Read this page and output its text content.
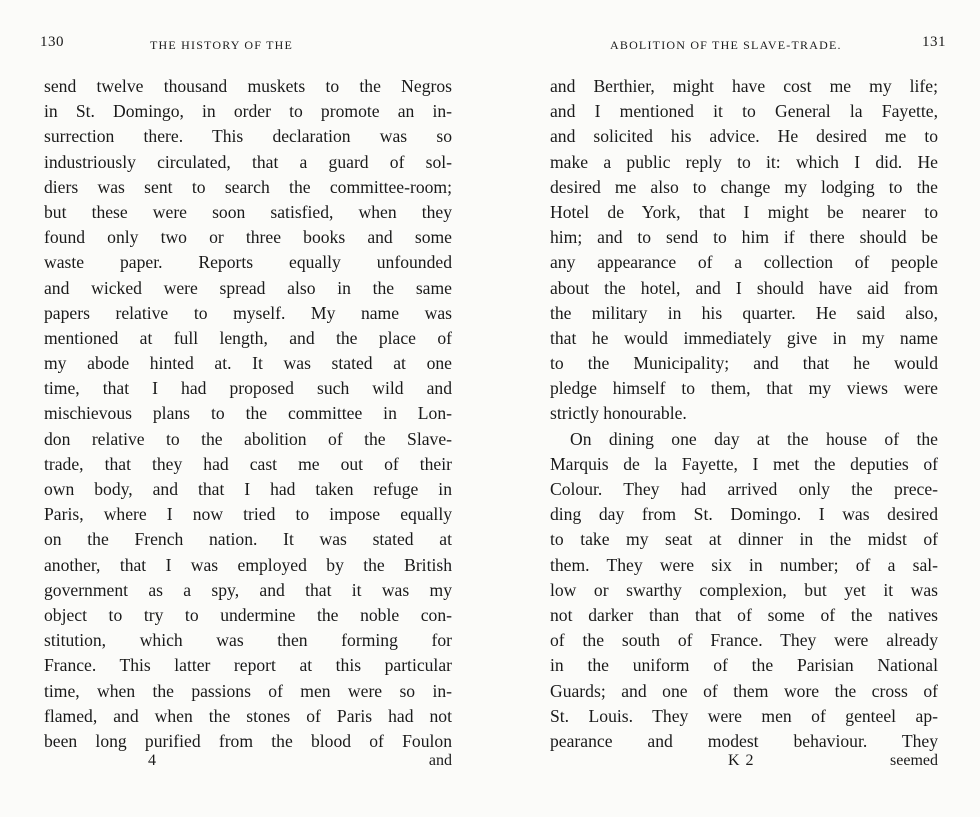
130	THE HISTORY OF THE
send twelve thousand muskets to the Negros
in St. Domingo, in order to promote an in-
surrection there. This declaration was so
industriously circulated, that a guard of sol-
diers was sent to search the committee-room;
but these were soon satisfied, when they
found only two or three books and some
waste paper. Reports equally unfounded
and wicked were spread also in the same
papers relative to myself. My name was
mentioned at full length, and the place of
my abode hinted at. It was stated at one
time, that I had proposed such wild and
mischievous plans to the committee in Lon-
don relative to the abolition of the Slave-
trade, that they had cast me out of their
own body, and that I had taken refuge in
Paris, where I now tried to impose equally
on the French nation. It was stated at
another, that I was employed by the British
government as a spy, and that it was my
object to try to undermine the noble con-
stitution, which was then forming for
France. This latter report at this particular
time, when the passions of men were so in-
flamed, and when the stones of Paris had not
been long purified from the blood of Foulon
4	and
ABOLITION OF THE SLAVE-TRADE.	131
and Berthier, might have cost me my life;
and I mentioned it to General la Fayette,
and solicited his advice. He desired me to
make a public reply to it: which I did. He
desired me also to change my lodging to the
Hotel de York, that I might be nearer to
him; and to send to him if there should be
any appearance of a collection of people
about the hotel, and I should have aid from
the military in his quarter. He said also,
that he would immediately give in my name
to the Municipality; and that he would
pledge himself to them, that my views were
strictly honourable.
On dining one day at the house of the
Marquis de la Fayette, I met the deputies of
Colour. They had arrived only the prece-
ding day from St. Domingo. I was desired
to take my seat at dinner in the midst of
them. They were six in number; of a sal-
low or swarthy complexion, but yet it was
not darker than that of some of the natives
of the south of France. They were already
in the uniform of the Parisian National
Guards; and one of them wore the cross of
St. Louis. They were men of genteel ap-
pearance and modest behaviour. They
K 2	seemed
